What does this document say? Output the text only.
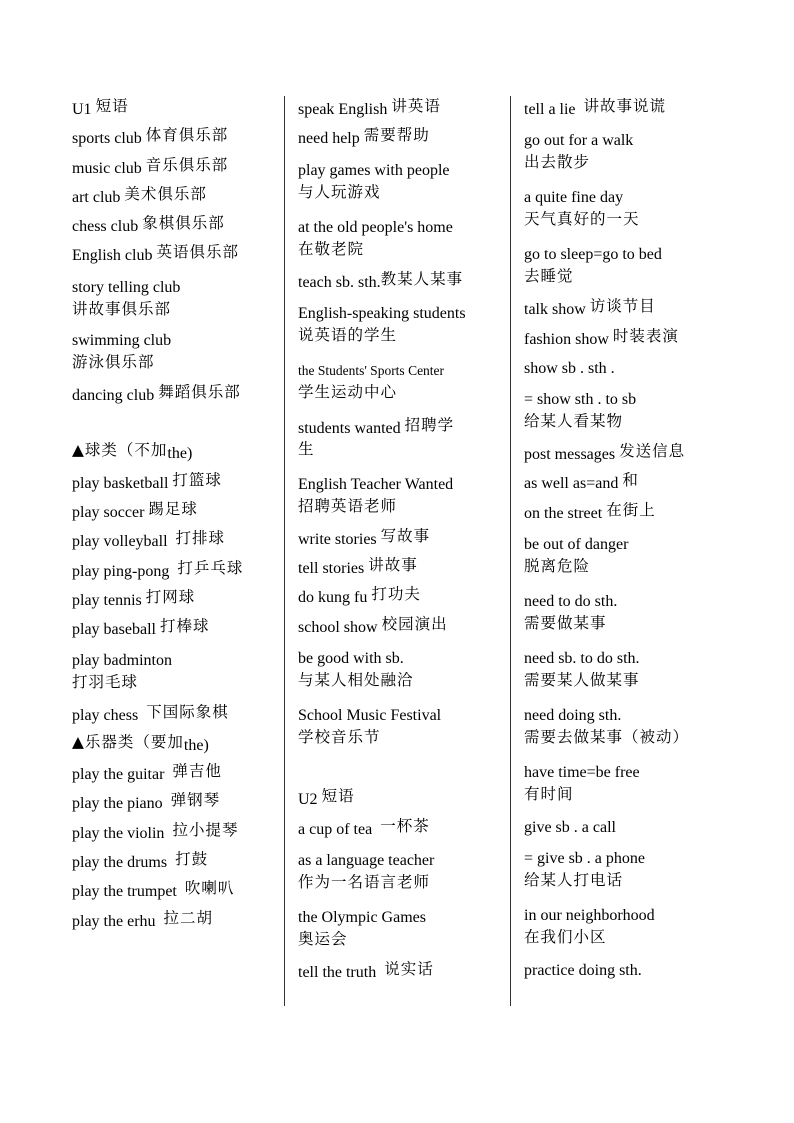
U1 短语
sports club 体育俱乐部
music club 音乐俱乐部
art club 美术俱乐部
chess club 象棋俱乐部
English club 英语俱乐部
story telling club
讲故事俱乐部
swimming club
游泳俱乐部
dancing club 舞蹈俱乐部
▲球类（不加the)
play basketball 打篮球
play soccer 踢足球
play volleyball 打排球
play ping-pong 打乒乓球
play tennis 打网球
play baseball 打棒球
play badminton
打羽毛球
play chess 下国际象棋
▲乐器类（要加the)
play the guitar 弹吉他
play the piano 弹钢琴
play the violin 拉小提琴
play the drums 打鼓
play the trumpet 吹喇叭
play the erhu 拉二胡
speak English 讲英语
need help 需要帮助
play games with people
与人玩游戏
at the old people's home
在敬老院
teach sb. sth.教某人某事
English-speaking students
说英语的学生
the Students' Sports Center
学生运动中心
students wanted 招聘学
生
English Teacher Wanted
招聘英语老师
write stories 写故事
tell stories 讲故事
do kung fu 打功夫
school show 校园演出
be good with sb.
与某人相处融洽
School Music Festival
学校音乐节
U2 短语
a cup of tea 一杯茶
as a language teacher
作为一名语言老师
the Olympic Games
奥运会
tell the truth 说实话
tell a lie 讲故事说谎
go out for a walk
出去散步
a quite fine day
天气真好的一天
go to sleep=go to bed
去睡觉
talk show 访谈节目
fashion show 时装表演
show sb . sth .
= show sth . to sb
给某人看某物
post messages 发送信息
as well as=and 和
on the street 在街上
be out of danger
脱离危险
need to do sth.
需要做某事
need sb. to do sth.
需要某人做某事
need doing sth.
需要去做某事（被动）
have time=be free
有时间
give sb . a call
= give sb . a phone
给某人打电话
in our neighborhood
在我们小区
practice doing sth.
